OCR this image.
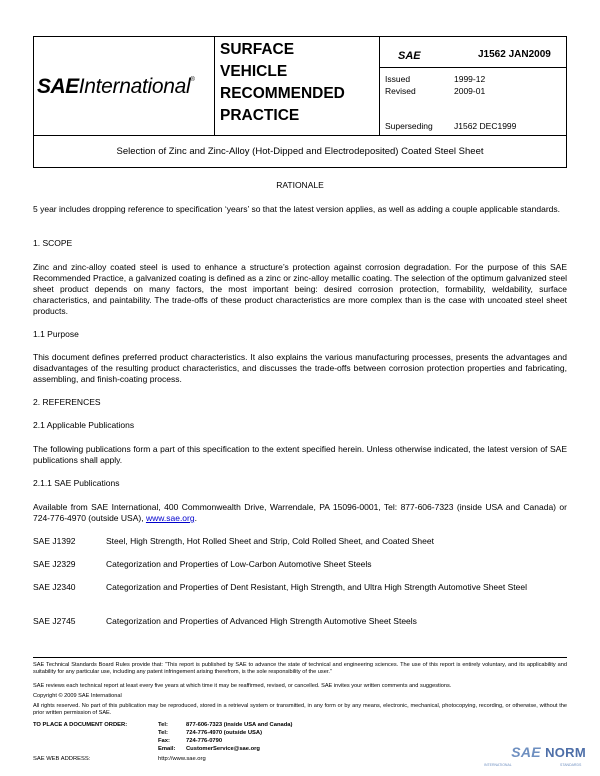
SAEInternational®
SURFACE
VEHICLE
RECOMMENDED
PRACTICE
SAE	J1562 JAN2009
Issued	1999-12
Revised	2009-01
Superseding	J1562 DEC1999
Selection of Zinc and Zinc-Alloy (Hot-Dipped and Electrodeposited) Coated Steel Sheet
RATIONALE
5 year includes dropping reference to specification ‘years’ so that the latest version applies, as well as adding a couple applicable standards.
1. SCOPE
Zinc and zinc-alloy coated steel is used to enhance a structure’s protection against corrosion degradation. For the purpose of this SAE Recommended Practice, a galvanized coating is defined as a zinc or zinc-alloy metallic coating. The selection of the optimum galvanized steel sheet product depends on many factors, the most important being: desired corrosion protection, formability, weldability, surface characteristics, and paintability. The trade-offs of these product characteristics are more complex than is the case with uncoated steel sheet products.
1.1 Purpose
This document defines preferred product characteristics. It also explains the various manufacturing processes, presents the advantages and disadvantages of the resulting product characteristics, and discusses the trade-offs between corrosion protection properties and fabricating, assembling, and finish-coating process.
2. REFERENCES
2.1 Applicable Publications
The following publications form a part of this specification to the extent specified herein. Unless otherwise indicated, the latest version of SAE publications shall apply.
2.1.1 SAE Publications
Available from SAE International, 400 Commonwealth Drive, Warrendale, PA 15096-0001, Tel: 877-606-7323 (inside USA and Canada) or 724-776-4970 (outside USA), www.sae.org.
SAE J1392	Steel, High Strength, Hot Rolled Sheet and Strip, Cold Rolled Sheet, and Coated Sheet
SAE J2329	Categorization and Properties of Low-Carbon Automotive Sheet Steels
SAE J2340	Categorization and Properties of Dent Resistant, High Strength, and Ultra High Strength Automotive Sheet Steel
SAE J2745	Categorization and Properties of Advanced High Strength Automotive Sheet Steels
SAE Technical Standards Board Rules provide that: “This report is published by SAE to advance the state of technical and engineering sciences. The use of this report is entirely voluntary, and its applicability and suitability for any particular use, including any patent infringement arising therefrom, is the sole responsibility of the user.”
SAE reviews each technical report at least every five years at which time it may be reaffirmed, revised, or cancelled. SAE invites your written comments and suggestions.
Copyright © 2009 SAE International
All rights reserved. No part of this publication may be reproduced, stored in a retrieval system or transmitted, in any form or by any means, electronic, mechanical, photocopying, recording, or otherwise, without the prior written permission of SAE.
TO PLACE A DOCUMENT ORDER:	Tel:	877-606-7323 (inside USA and Canada)
Tel:	724-776-4970 (outside USA)
Fax:	724-776-0790
Email: CustomerService@sae.org
SAE WEB ADDRESS:	http://www.sae.org	SAE NORM
INTERNATIONAL	STANDARDS
